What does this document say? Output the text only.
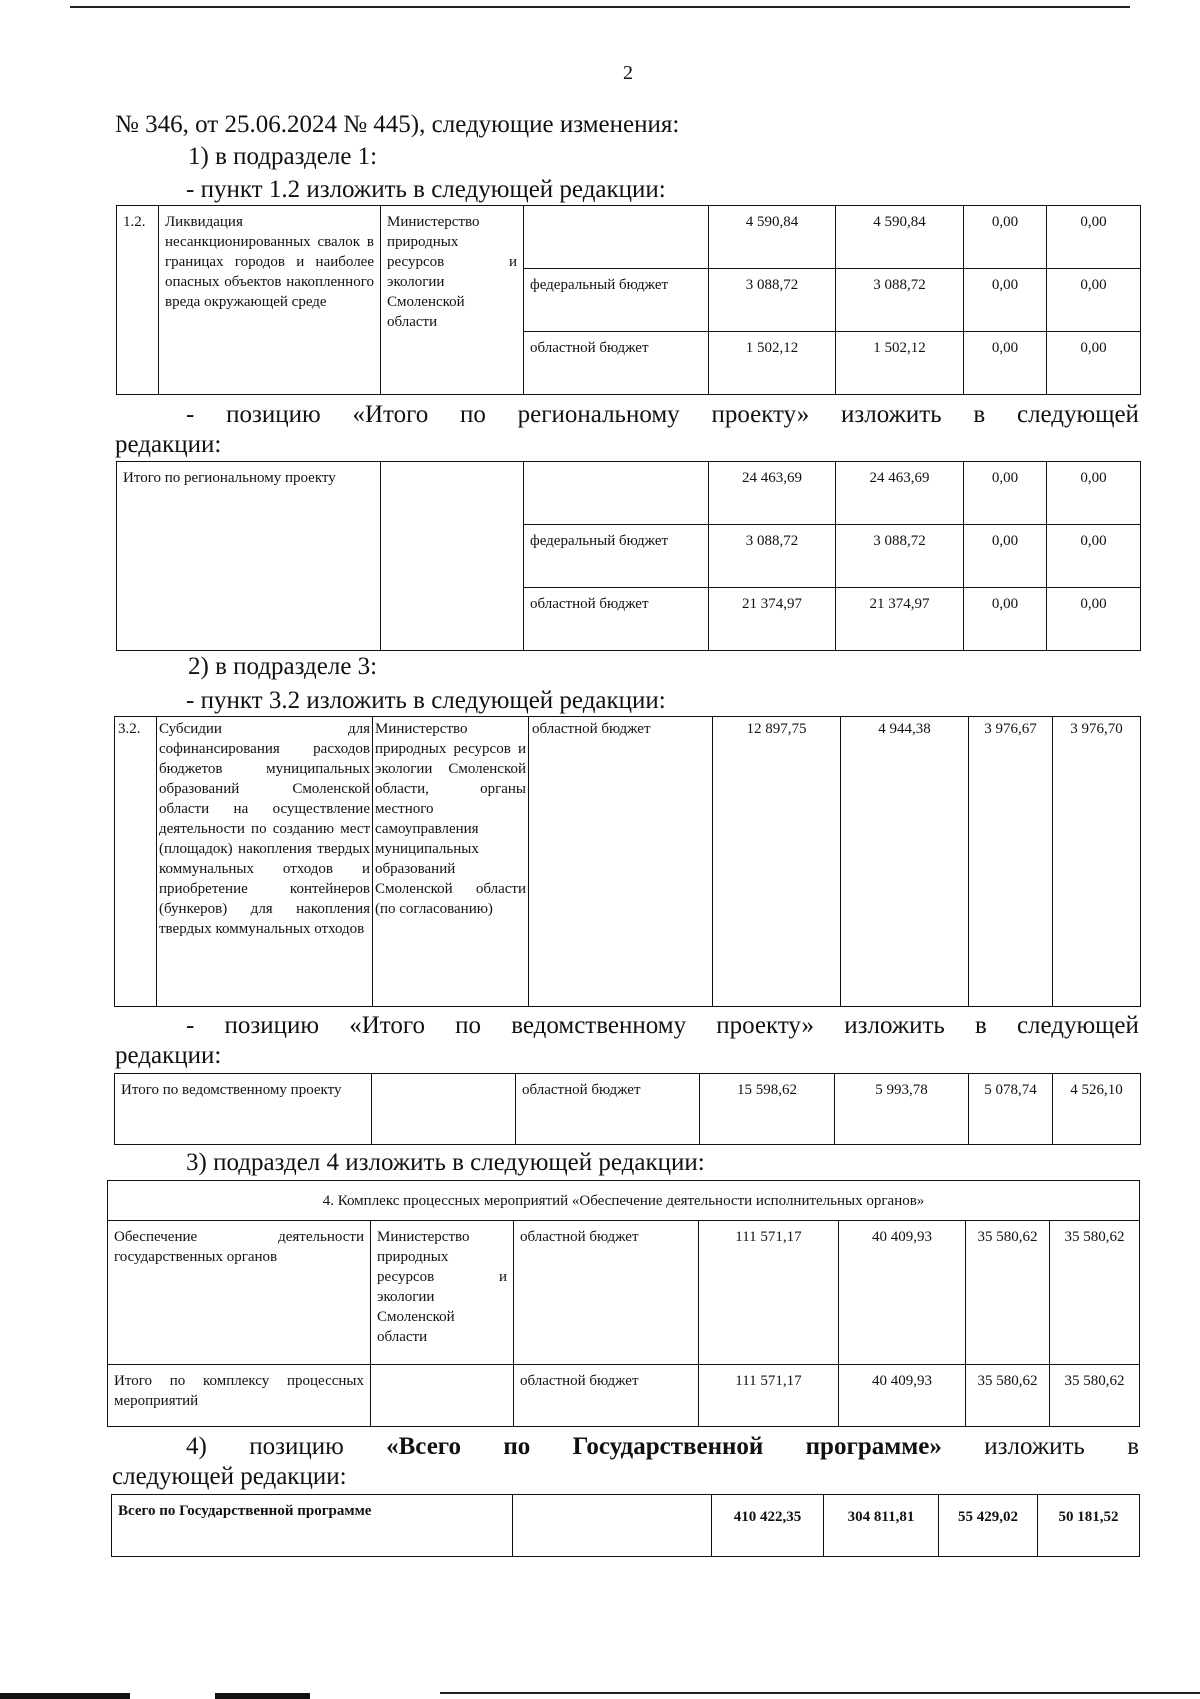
2
№ 346, от 25.06.2024 № 445), следующие изменения:
1) в подразделе 1:
- пункт 1.2 изложить в следующей редакции:
1.2.	Ликвидация несанкционированных свалок в границах городов и наиболее опасных объектов накопленного вреда окружающей среде	Министерство природных ресурсов и экологии Смоленской области		4 590,84	4 590,84	0,00	0,00
			федеральный бюджет	3 088,72	3 088,72	0,00	0,00
			областной бюджет	1 502,12	1 502,12	0,00	0,00
- позицию «Итого по региональному проекту» изложить в следующей
редакции:
Итого по региональному проекту			24 463,69	24 463,69	0,00	0,00
		федеральный бюджет	3 088,72	3 088,72	0,00	0,00
		областной бюджет	21 374,97	21 374,97	0,00	0,00
2) в подразделе 3:
- пункт 3.2 изложить в следующей редакции:
3.2.	Субсидии для софинансирования расходов бюджетов муниципальных образований Смоленской области на осуществление деятельности по созданию мест (площадок) накопления твердых коммунальных отходов и приобретение контейнеров (бункеров) для накопления твердых коммунальных отходов	Министерство природных ресурсов и экологии Смоленской области, органы местного самоуправления муниципальных образований Смоленской области (по согласованию)	областной бюджет	12 897,75	4 944,38	3 976,67	3 976,70
- позицию «Итого по ведомственному проекту» изложить в следующей
редакции:
Итого по ведомственному проекту		областной бюджет	15 598,62	5 993,78	5 078,74	4 526,10
3) подраздел 4 изложить в следующей редакции:
4. Комплекс процессных мероприятий «Обеспечение деятельности исполнительных органов»						
Обеспечение деятельности государственных органов	Министерство природных ресурсов и экологии Смоленской области	областной бюджет	111 571,17	40 409,93	35 580,62	35 580,62
Итого по комплексу процессных мероприятий		областной бюджет	111 571,17	40 409,93	35 580,62	35 580,62
4) позицию «Всего по Государственной программе» изложить в
следующей редакции:
Всего по Государственной программе		410 422,35	304 811,81	55 429,02	50 181,52
